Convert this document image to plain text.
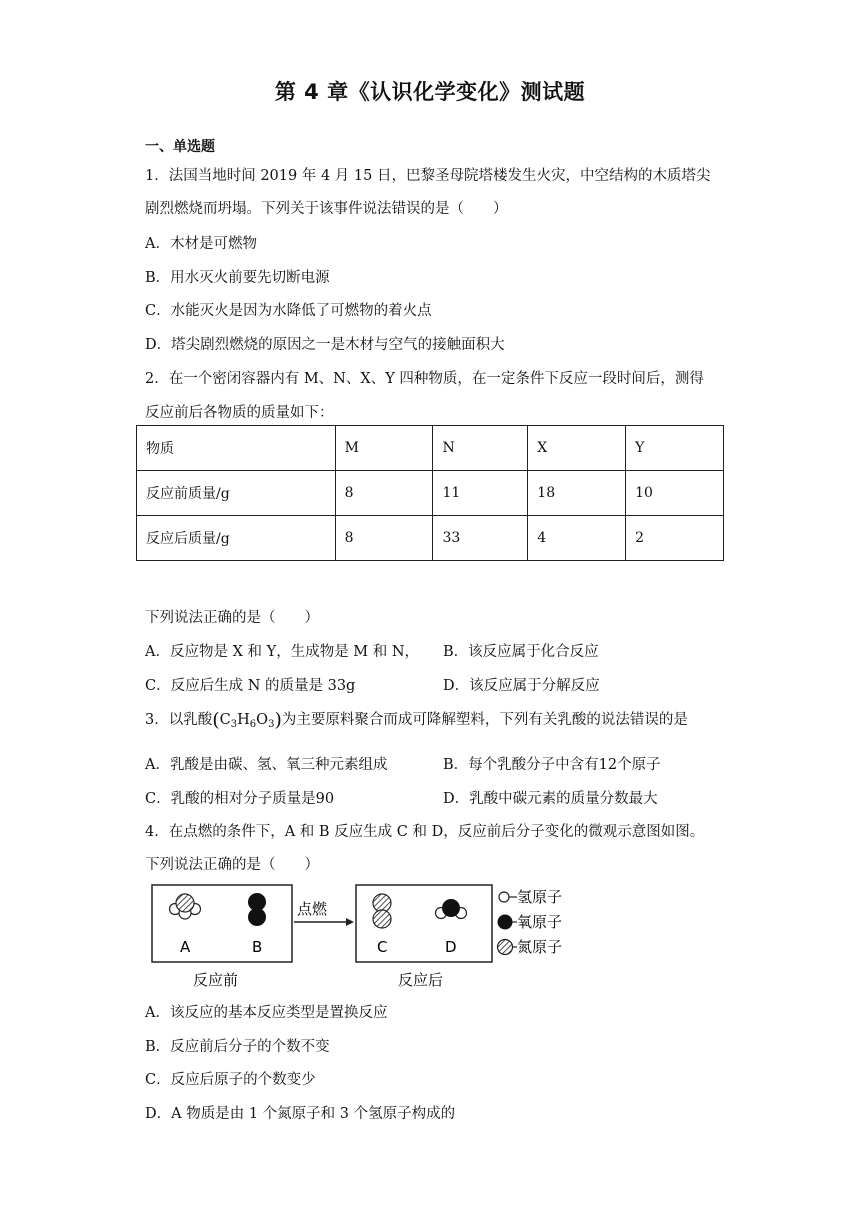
第 4 章《认识化学变化》测试题
一、单选题
1．法国当地时间 2019 年 4 月 15 日，巴黎圣母院塔楼发生火灾，中空结构的木质塔尖
剧烈燃烧而坍塌。下列关于该事件说法错误的是（　　）
A．木材是可燃物
B．用水灭火前要先切断电源
C．水能灭火是因为水降低了可燃物的着火点
D．塔尖剧烈燃烧的原因之一是木材与空气的接触面积大
2．在一个密闭容器内有 M、N、X、Y 四种物质，在一定条件下反应一段时间后，测得
反应前后各物质的质量如下：
物质	M	N	X	Y
反应前质量/g	8	11	18	10
反应后质量/g	8	33	4	2
下列说法正确的是（　　）
A．反应物是 X 和 Y，生成物是 M 和 N， B．该反应属于化合反应
C．反应后生成 N 的质量是 33g	D．该反应属于分解反应
3．以乳酸$(C_3H_6O_3)$为主要原料聚合而成可降解塑料，下列有关乳酸的说法错误的是
A．乳酸是由碳、氢、氧三种元素组成	B．每个乳酸分子中含有12个原子
C．乳酸的相对分子质量是90	D．乳酸中碳元素的质量分数最大
4．在点燃的条件下，A 和 B 反应生成 C 和 D，反应前后分子变化的微观示意图如图。
下列说法正确的是（　　）
A	B
反应前
点燃
C	D
反应后
氢原子
氧原子
氮原子
A．该反应的基本反应类型是置换反应
B．反应前后分子的个数不变
C．反应后原子的个数变少
D．A 物质是由 1 个氮原子和 3 个氢原子构成的
